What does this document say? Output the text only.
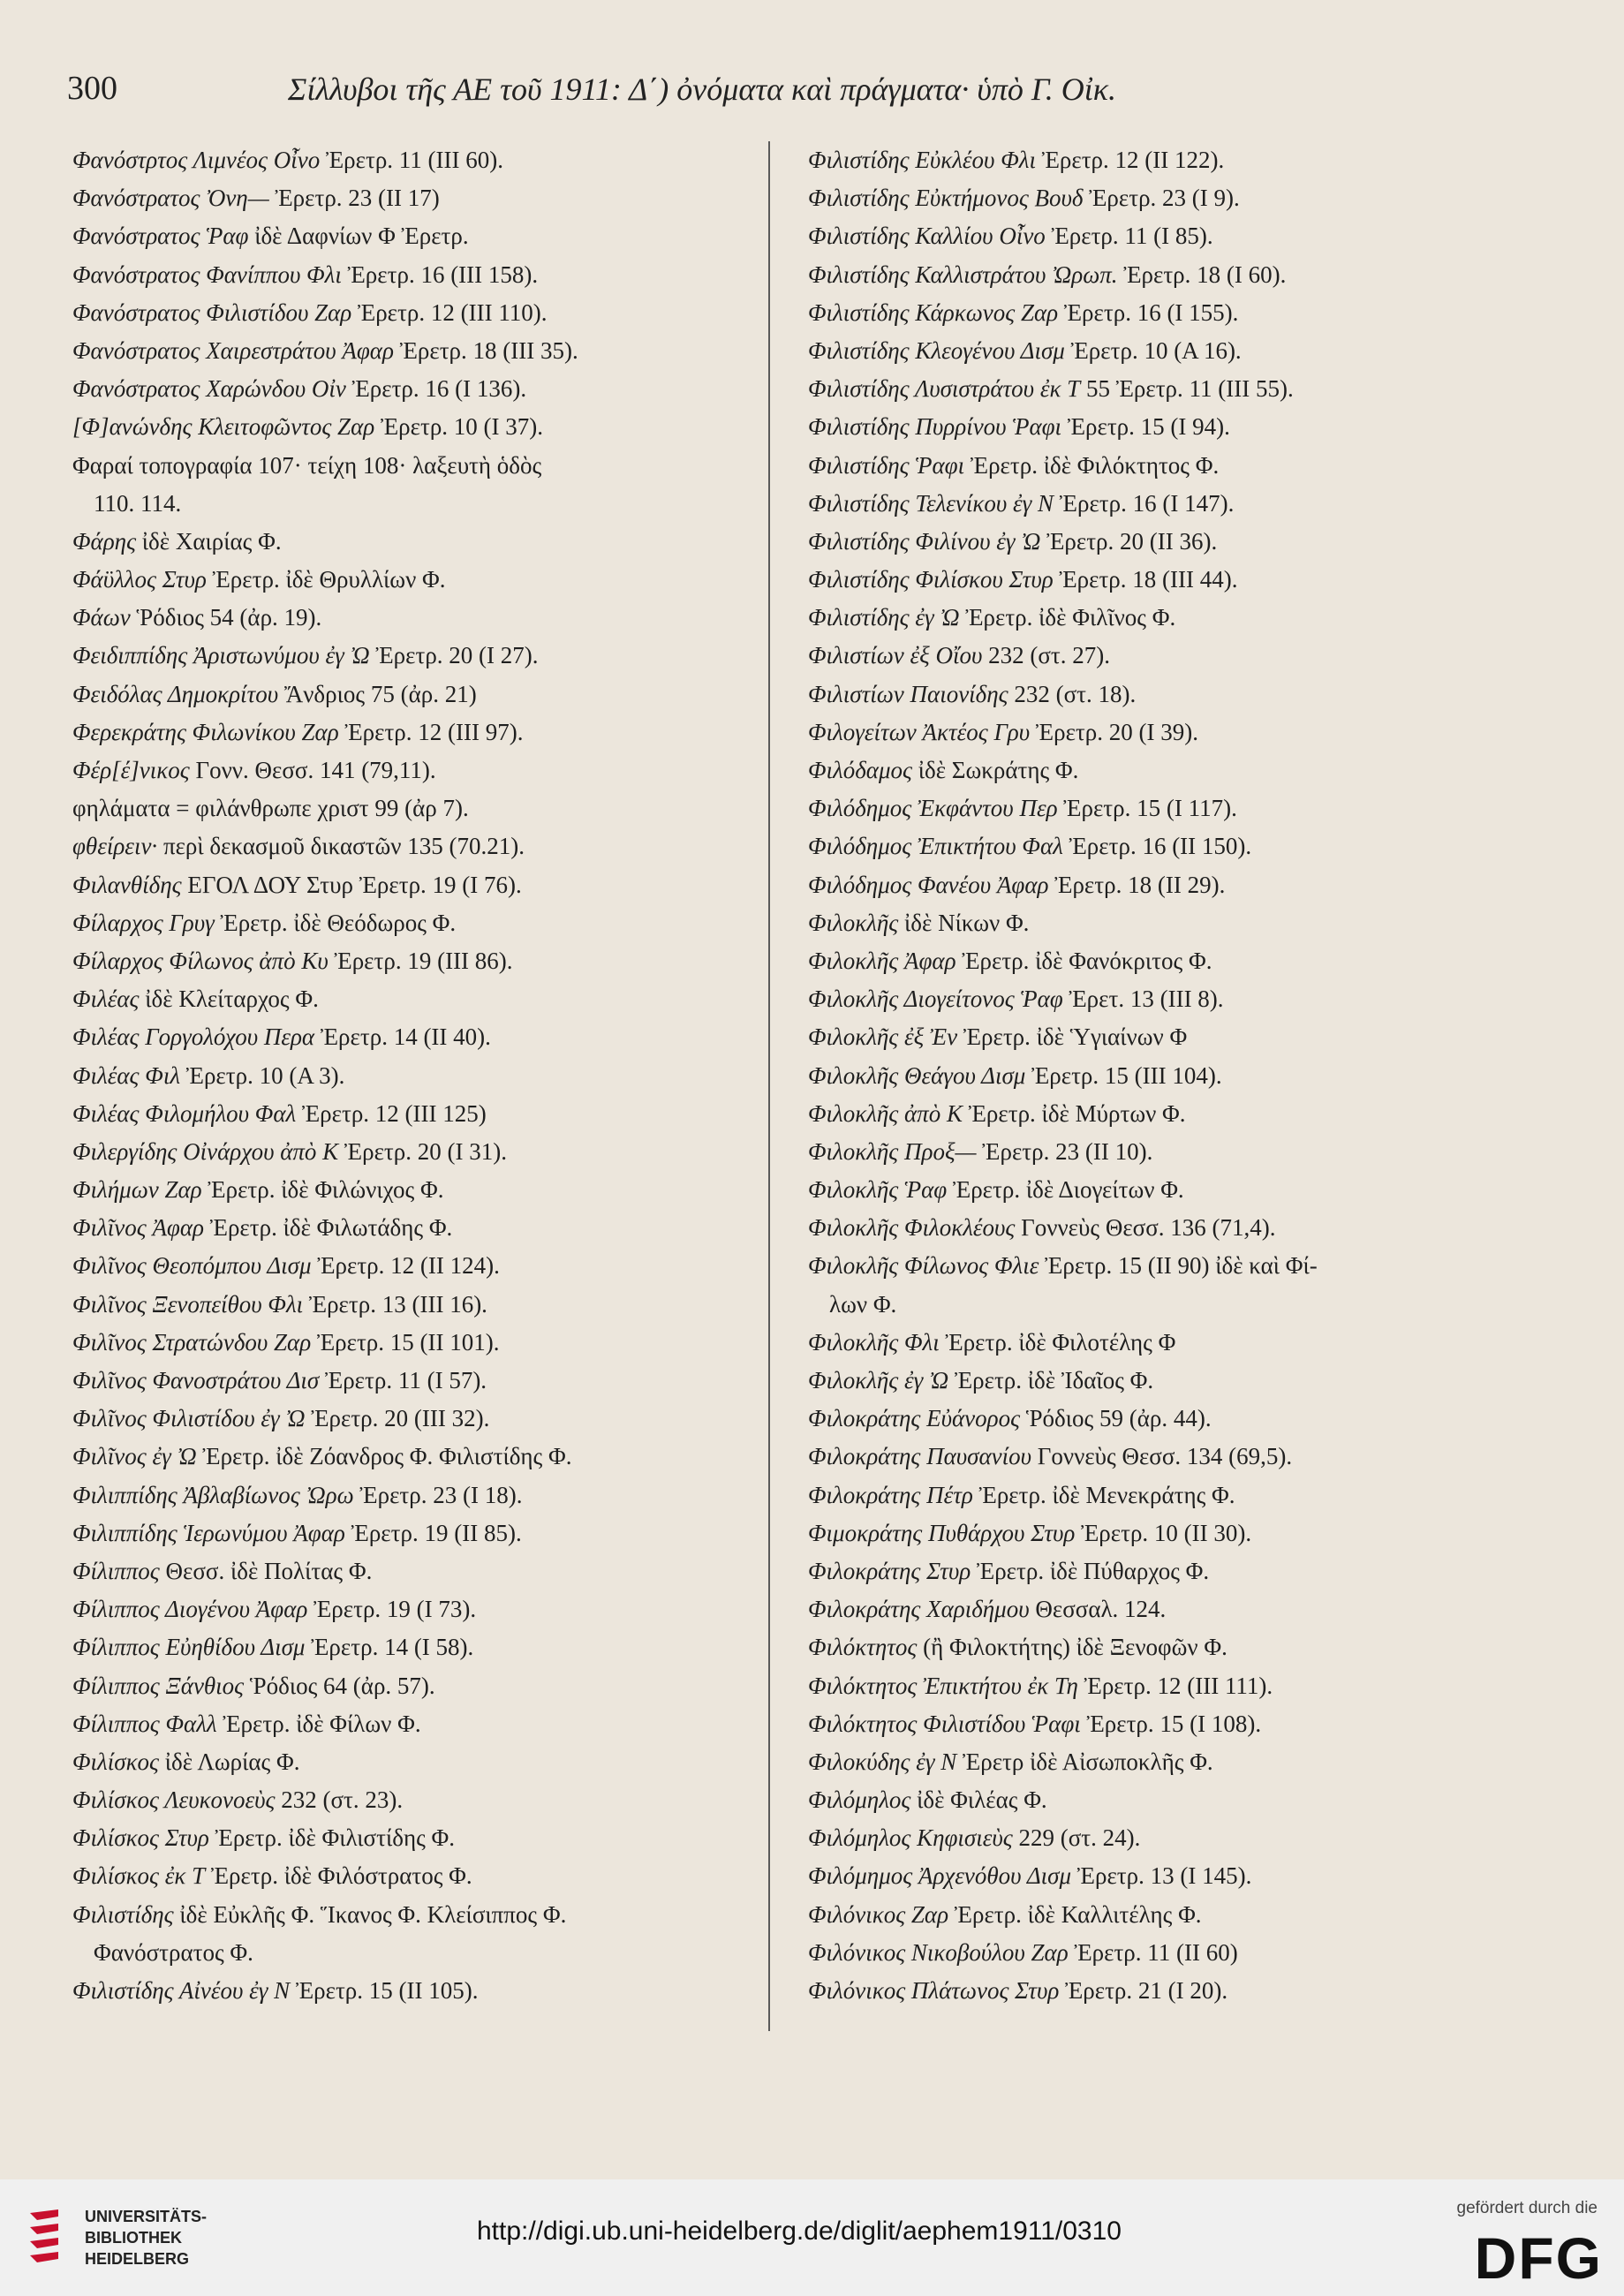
300	Σίλλυβοι τῆς ΑΕ τοῦ 1911: Δ΄) ὀνόματα καὶ πράγματα· ὑπὸ Γ. Οἰκ.
Φανόστρτος Λιμνέος Οἶνο Ἐρετρ. 11 (III 60).
Φανόστρατος Ὀνη— Ἐρετρ. 23 (II 17)
Φανόστρατος Ῥαφ ἰδὲ Δαφνίων Φ Ἐρετρ.
Φανόστρατος Φανίππου Φλι Ἐρετρ. 16 (III 158).
Φανόστρατος Φιλιστίδου Ζαρ Ἐρετρ. 12 (III 110).
Φανόστρατος Χαιρεστράτου Ἀφαρ Ἐρετρ. 18 (III 35).
Φανόστρατος Χαρώνδου Οἰν Ἐρετρ. 16 (I 136).
[Φ]ανώνδης Κλειτοφῶντος Ζαρ Ἐρετρ. 10 (I 37).
Φαραί τοπογραφία 107· τείχη 108· λαξευτὴ ὁδὸς
110. 114.
Φάρης ἰδὲ Χαιρίας Φ.
Φάϋλλος Στυρ Ἐρετρ. ἰδὲ Θρυλλίων Φ.
Φάων Ῥόδιος 54 (ἀρ. 19).
Φειδιππίδης Ἀριστωνύμου ἐγ Ὠ Ἐρετρ. 20 (I 27).
Φειδόλας Δημοκρίτου Ἄνδριος 75 (ἀρ. 21)
Φερεκράτης Φιλωνίκου Ζαρ Ἐρετρ. 12 (III 97).
Φέρ[έ]νικος Γονν. Θεσσ. 141 (79,11).
φηλάματα = φιλάνθρωπε χριστ 99 (ἀρ 7).
φθείρειν· περὶ δεκασμοῦ δικαστῶν 135 (70.21).
Φιλανθίδης ΕΓΟΛ ΔΟΥ Στυρ Ἐρετρ. 19 (I 76).
Φίλαρχος Γρυγ Ἐρετρ. ἰδὲ Θεόδωρος Φ.
Φίλαρχος Φίλωνος ἀπὸ Κυ Ἐρετρ. 19 (III 86).
Φιλέας ἰδὲ Κλείταρχος Φ.
Φιλέας Γοργολόχου Περα Ἐρετρ. 14 (II 40).
Φιλέας Φιλ Ἐρετρ. 10 (A 3).
Φιλέας Φιλομήλου Φαλ Ἐρετρ. 12 (III 125)
Φιλεργίδης Οἰνάρχου ἀπὸ Κ Ἐρετρ. 20 (I 31).
Φιλήμων Ζαρ Ἐρετρ. ἰδὲ Φιλώνιχος Φ.
Φιλῖνος Ἀφαρ Ἐρετρ. ἰδὲ Φιλωτάδης Φ.
Φιλῖνος Θεοπόμπου Δισμ Ἐρετρ. 12 (II 124).
Φιλῖνος Ξενοπείθου Φλι Ἐρετρ. 13 (III 16).
Φιλῖνος Στρατώνδου Ζαρ Ἐρετρ. 15 (II 101).
Φιλῖνος Φανοστράτου Δισ Ἐρετρ. 11 (I 57).
Φιλῖνος Φιλιστίδου ἐγ Ὠ Ἐρετρ. 20 (III 32).
Φιλῖνος ἐγ Ὠ Ἐρετρ. ἰδὲ Ζόανδρος Φ. Φιλιστίδης Φ.
Φιλιππίδης Ἀβλαβίωνος Ὠρω Ἐρετρ. 23 (I 18).
Φιλιππίδης Ἱερωνύμου Ἀφαρ Ἐρετρ. 19 (II 85).
Φίλιππος Θεσσ. ἰδὲ Πολίτας Φ.
Φίλιππος Διογένου Ἀφαρ Ἐρετρ. 19 (I 73).
Φίλιππος Εὐηθίδου Δισμ Ἐρετρ. 14 (I 58).
Φίλιππος Ξάνθιος Ῥόδιος 64 (ἀρ. 57).
Φίλιππος Φαλλ Ἐρετρ. ἰδὲ Φίλων Φ.
Φιλίσκος ἰδὲ Λωρίας Φ.
Φιλίσκος Λευκονοεὺς 232 (στ. 23).
Φιλίσκος Στυρ Ἐρετρ. ἰδὲ Φιλιστίδης Φ.
Φιλίσκος ἐκ Τ Ἐρετρ. ἰδὲ Φιλόστρατος Φ.
Φιλιστίδης ἰδὲ Εὐκλῆς Φ. Ἵκανος Φ. Κλείσιππος Φ.
Φανόστρατος Φ.
Φιλιστίδης Αἰνέου ἐγ Ν Ἐρετρ. 15 (II 105).
Φιλιστίδης Εὐκλέου Φλι Ἐρετρ. 12 (II 122).
Φιλιστίδης Εὐκτήμονος Βουδ Ἐρετρ. 23 (I 9).
Φιλιστίδης Καλλίου Οἶνο Ἐρετρ. 11 (I 85).
Φιλιστίδης Καλλιστράτου Ὠρωπ. Ἐρετρ. 18 (I 60).
Φιλιστίδης Κάρκωνος Ζαρ Ἐρετρ. 16 (I 155).
Φιλιστίδης Κλεογένου Δισμ Ἐρετρ. 10 (A 16).
Φιλιστίδης Λυσιστράτου ἐκ Τ 55 Ἐρετρ. 11 (III 55).
Φιλιστίδης Πυρρίνου Ῥαφι Ἐρετρ. 15 (I 94).
Φιλιστίδης Ῥαφι Ἐρετρ. ἰδὲ Φιλόκτητος Φ.
Φιλιστίδης Τελενίκου ἐγ Ν Ἐρετρ. 16 (I 147).
Φιλιστίδης Φιλίνου ἐγ Ὠ Ἐρετρ. 20 (II 36).
Φιλιστίδης Φιλίσκου Στυρ Ἐρετρ. 18 (III 44).
Φιλιστίδης ἐγ Ὠ Ἐρετρ. ἰδὲ Φιλῖνος Φ.
Φιλιστίων ἐξ Οἴου 232 (στ. 27).
Φιλιστίων Παιονίδης 232 (στ. 18).
Φιλογείτων Ἀκτέος Γρυ Ἐρετρ. 20 (I 39).
Φιλόδαμος ἰδὲ Σωκράτης Φ.
Φιλόδημος Ἐκφάντου Περ Ἐρετρ. 15 (I 117).
Φιλόδημος Ἐπικτήτου Φαλ Ἐρετρ. 16 (II 150).
Φιλόδημος Φανέου Ἀφαρ Ἐρετρ. 18 (II 29).
Φιλοκλῆς ἰδὲ Νίκων Φ.
Φιλοκλῆς Ἀφαρ Ἐρετρ. ἰδὲ Φανόκριτος Φ.
Φιλοκλῆς Διογείτονος Ῥαφ Ἐρετ. 13 (III 8).
Φιλοκλῆς ἐξ Ἐν Ἐρετρ. ἰδὲ Ὑγιαίνων Φ
Φιλοκλῆς Θεάγου Δισμ Ἐρετρ. 15 (III 104).
Φιλοκλῆς ἀπὸ Κ Ἐρετρ. ἰδὲ Μύρτων Φ.
Φιλοκλῆς Προξ— Ἐρετρ. 23 (II 10).
Φιλοκλῆς Ῥαφ Ἐρετρ. ἰδὲ Διογείτων Φ.
Φιλοκλῆς Φιλοκλέους Γοννεὺς Θεσσ. 136 (71,4).
Φιλοκλῆς Φίλωνος Φλιε Ἐρετρ. 15 (II 90) ἰδὲ καὶ Φί-
λων Φ.
Φιλοκλῆς Φλι Ἐρετρ. ἰδὲ Φιλοτέλης Φ
Φιλοκλῆς ἐγ Ὠ Ἐρετρ. ἰδὲ Ἰδαῖος Φ.
Φιλοκράτης Εὐάνορος Ῥόδιος 59 (ἀρ. 44).
Φιλοκράτης Παυσανίου Γοννεὺς Θεσσ. 134 (69,5).
Φιλοκράτης Πέτρ Ἐρετρ. ἰδὲ Μενεκράτης Φ.
Φιμοκράτης Πυθάρχου Στυρ Ἐρετρ. 10 (II 30).
Φιλοκράτης Στυρ Ἐρετρ. ἰδὲ Πύθαρχος Φ.
Φιλοκράτης Χαριδήμου Θεσσαλ. 124.
Φιλόκτητος (ἢ Φιλοκτήτης) ἰδὲ Ξενοφῶν Φ.
Φιλόκτητος Ἐπικτήτου ἐκ Τη Ἐρετρ. 12 (III 111).
Φιλόκτητος Φιλιστίδου Ῥαφι Ἐρετρ. 15 (I 108).
Φιλοκύδης ἐγ Ν Ἐρετρ ἰδὲ Αἰσωποκλῆς Φ.
Φιλόμηλος ἰδὲ Φιλέας Φ.
Φιλόμηλος Κηφισιεὺς 229 (στ. 24).
Φιλόμημος Ἀρχενόθου Δισμ Ἐρετρ. 13 (I 145).
Φιλόνικος Ζαρ Ἐρετρ. ἰδὲ Καλλιτέλης Φ.
Φιλόνικος Νικοβούλου Ζαρ Ἐρετρ. 11 (II 60)
Φιλόνικος Πλάτωνος Στυρ Ἐρετρ. 21 (I 20).
UNIVERSITÄTS-
BIBLIOTHEK
HEIDELBERG
http://digi.ub.uni-heidelberg.de/diglit/aephem1911/0310
gefördert durch die
DFG
